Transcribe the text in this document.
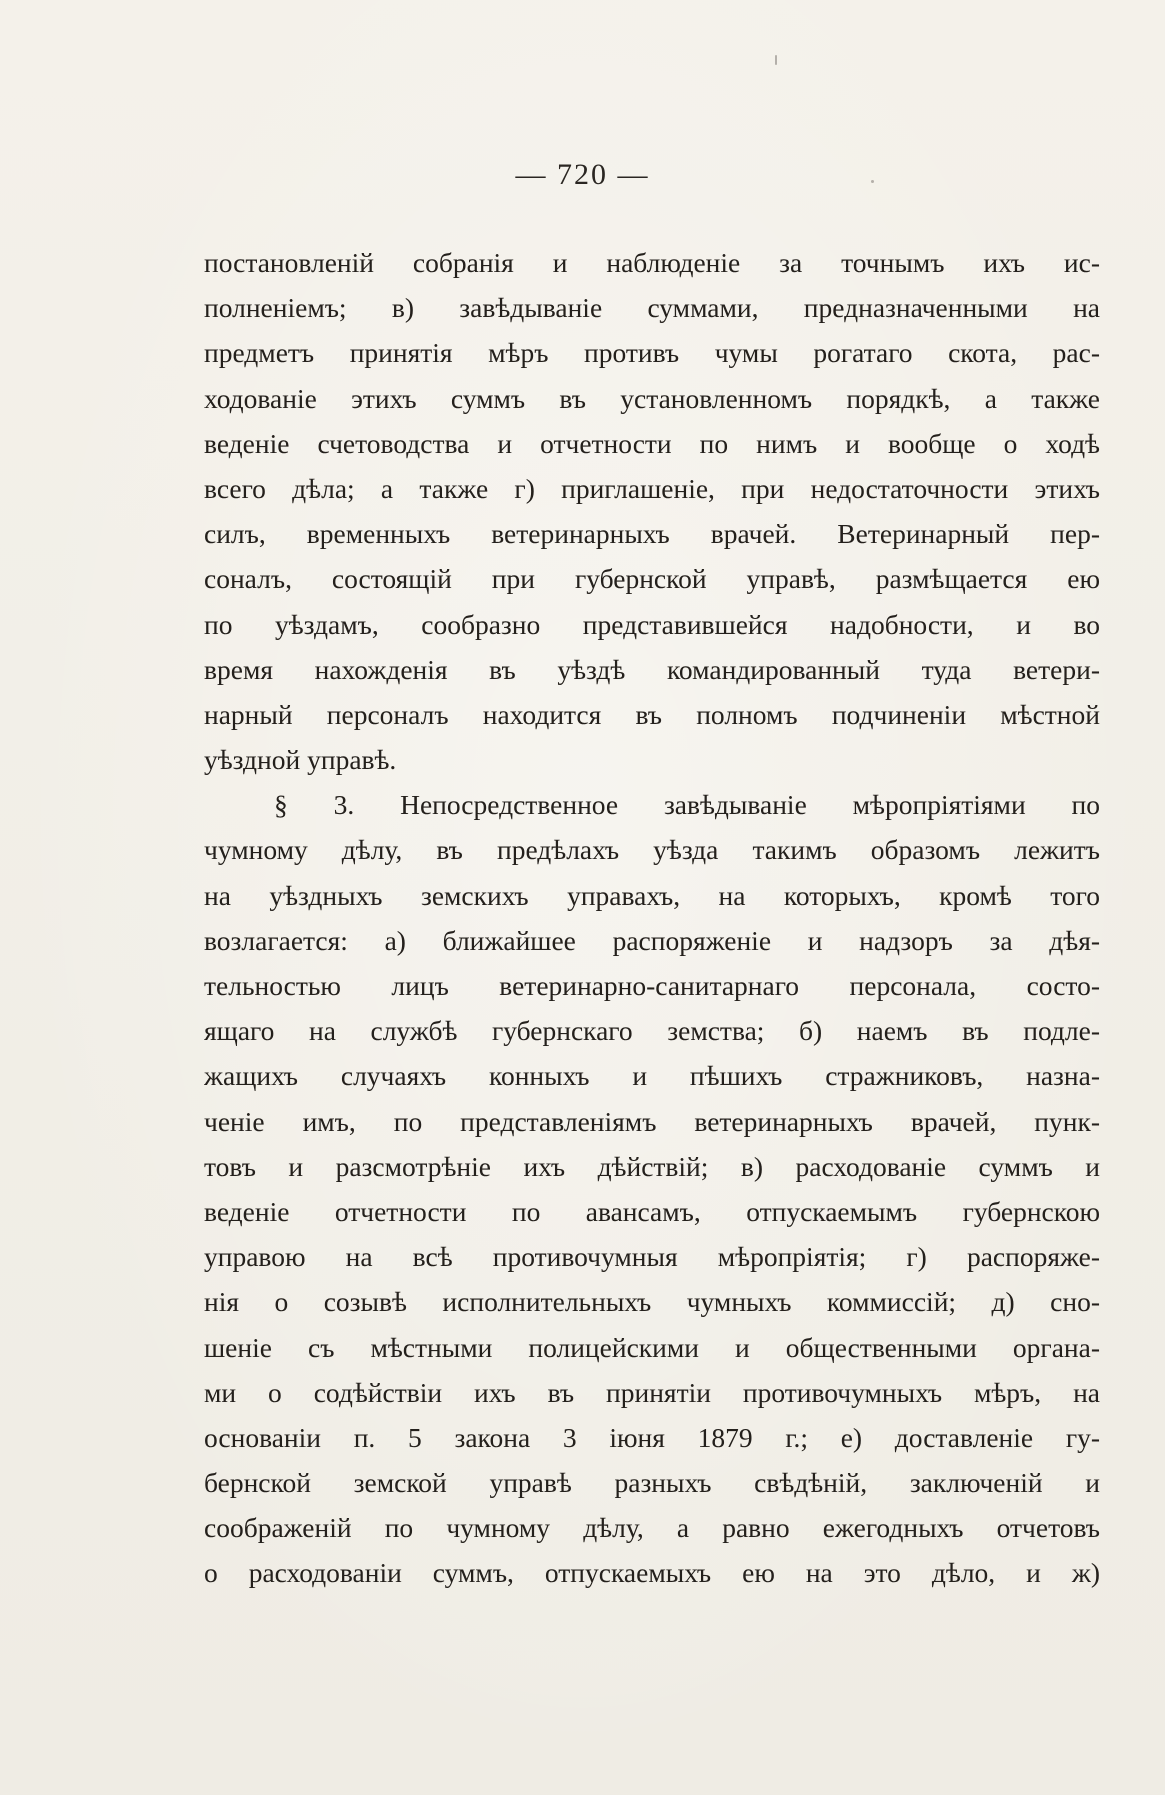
— 720 —
постановленій собранія и наблюденіе за точнымъ ихъ ис-
полненіемъ; в) завѣдываніе суммами, предназначенными на
предметъ принятія мѣръ противъ чумы рогатаго скота, рас-
ходованіе этихъ суммъ въ установленномъ порядкѣ, а также
веденіе счетоводства и отчетности по нимъ и вообще о ходѣ
всего дѣла; а также г) приглашеніе, при недостаточности этихъ
силъ, временныхъ ветеринарныхъ врачей. Ветеринарный пер-
соналъ, состоящій при губернской управѣ, размѣщается ею
по уѣздамъ, сообразно представившейся надобности, и во
время нахожденія въ уѣздѣ командированный туда ветери-
нарный персоналъ находится въ полномъ подчиненіи мѣстной
уѣздной управѣ.
§ 3. Непосредственное завѣдываніе мѣропріятіями по
чумному дѣлу, въ предѣлахъ уѣзда такимъ образомъ лежитъ
на уѣздныхъ земскихъ управахъ, на которыхъ, кромѣ того
возлагается: а) ближайшее распоряженіе и надзоръ за дѣя-
тельностью лицъ ветеринарно-санитарнаго персонала, состо-
ящаго на службѣ губернскаго земства; б) наемъ въ подле-
жащихъ случаяхъ конныхъ и пѣшихъ стражниковъ, назна-
ченіе имъ, по представленіямъ ветеринарныхъ врачей, пунк-
товъ и разсмотрѣніе ихъ дѣйствій; в) расходованіе суммъ и
веденіе отчетности по авансамъ, отпускаемымъ губернскою
управою на всѣ противочумныя мѣропріятія; г) распоряже-
нія о созывѣ исполнительныхъ чумныхъ коммиссій; д) сно-
шеніе съ мѣстными полицейскими и общественными органа-
ми о содѣйствіи ихъ въ принятіи противочумныхъ мѣръ, на
основаніи п. 5 закона 3 іюня 1879 г.; е) доставленіе гу-
бернской земской управѣ разныхъ свѣдѣній, заключеній и
соображеній по чумному дѣлу, а равно ежегодныхъ отчетовъ
о расходованіи суммъ, отпускаемыхъ ею на это дѣло, и ж)
